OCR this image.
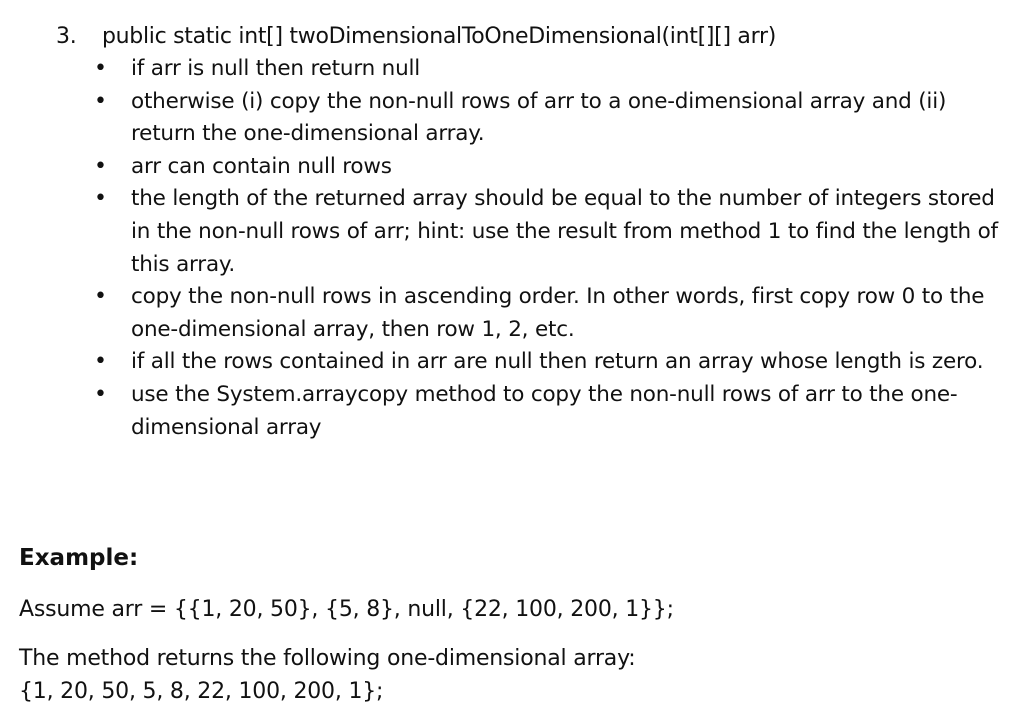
3. public static int[] twoDimensionalToOneDimensional(int[][] arr)
• if arr is null then return null
• otherwise (i) copy the non-null rows of arr to a one-dimensional array and (ii) return the one-dimensional array.
• arr can contain null rows
• the length of the returned array should be equal to the number of integers stored in the non-null rows of arr; hint: use the result from method 1 to find the length of this array.
• copy the non-null rows in ascending order. In other words, first copy row 0 to the one-dimensional array, then row 1, 2, etc.
• if all the rows contained in arr are null then return an array whose length is zero.
• use the System.arraycopy method to copy the non-null rows of arr to the one-dimensional array
Example:
Assume arr = {{1, 20, 50}, {5, 8}, null, {22, 100, 200, 1}};
The method returns the following one-dimensional array:
{1, 20, 50, 5, 8, 22, 100, 200, 1};
